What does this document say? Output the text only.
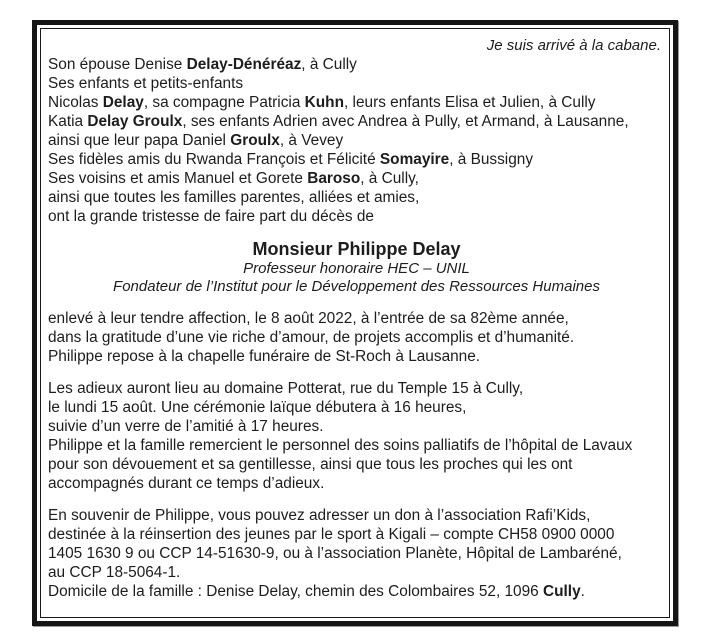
Je suis arrivé à la cabane.
Son épouse Denise Delay-Dénéréaz, à Cully
Ses enfants et petits-enfants
Nicolas Delay, sa compagne Patricia Kuhn, leurs enfants Elisa et Julien, à Cully
Katia Delay Groulx, ses enfants Adrien avec Andrea à Pully, et Armand, à Lausanne,
ainsi que leur papa Daniel Groulx, à Vevey
Ses fidèles amis du Rwanda François et Félicité Somayire, à Bussigny
Ses voisins et amis Manuel et Gorete Baroso, à Cully,
ainsi que toutes les familles parentes, alliées et amies,
ont la grande tristesse de faire part du décès de
Monsieur Philippe Delay
Professeur honoraire HEC – UNIL
Fondateur de l’Institut pour le Développement des Ressources Humaines
enlevé à leur tendre affection, le 8 août 2022, à l’entrée de sa 82ème année,
dans la gratitude d’une vie riche d’amour, de projets accomplis et d’humanité.
Philippe repose à la chapelle funéraire de St-Roch à Lausanne.
Les adieux auront lieu au domaine Potterat, rue du Temple 15 à Cully,
le lundi 15 août. Une cérémonie laïque débutera à 16 heures,
suivie d’un verre de l’amitié à 17 heures.
Philippe et la famille remercient le personnel des soins palliatifs de l’hôpital de Lavaux
pour son dévouement et sa gentillesse, ainsi que tous les proches qui les ont
accompagnés durant ce temps d’adieux.
En souvenir de Philippe, vous pouvez adresser un don à l’association Rafi’Kids,
destinée à la réinsertion des jeunes par le sport à Kigali – compte CH58 0900 0000
1405 1630 9 ou CCP 14-51630-9, ou à l’association Planète, Hôpital de Lambaréné,
au CCP 18-5064-1.
Domicile de la famille : Denise Delay, chemin des Colombaires 52, 1096 Cully.
